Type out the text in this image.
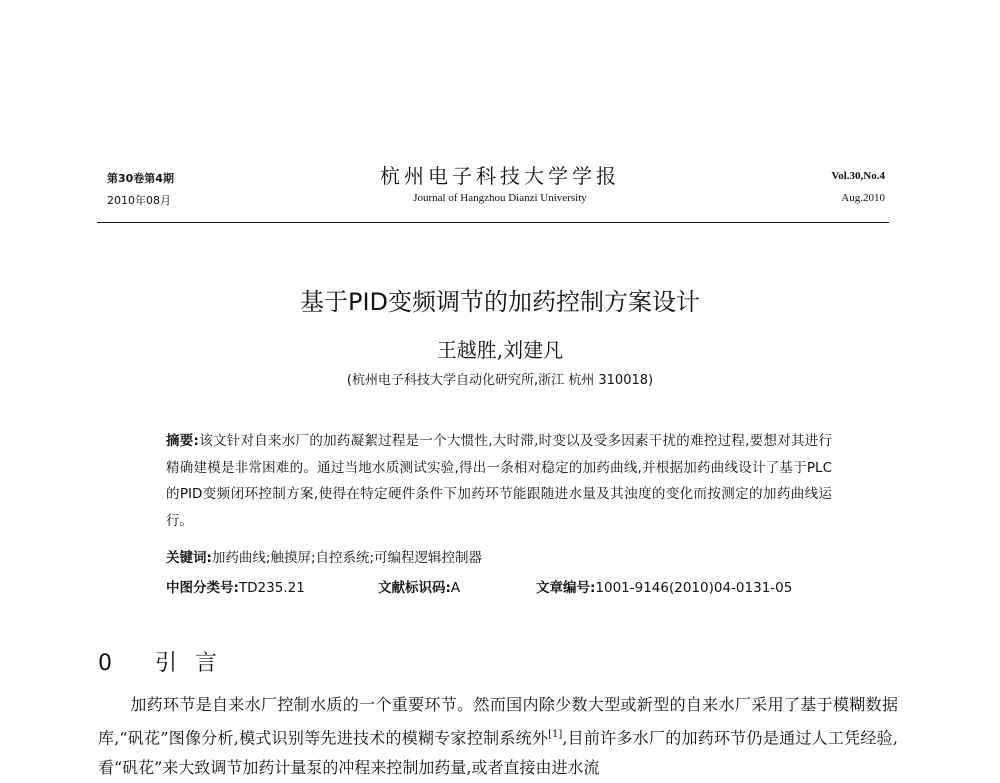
第30卷第4期
2010年08月
杭州电子科技大学学报
Journal of Hangzhou Dianzi University
Vol.30,No.4
Aug.2010
基于PID变频调节的加药控制方案设计
王越胜,刘建凡
(杭州电子科技大学自动化研究所,浙江 杭州 310018)
摘要:该文针对自来水厂的加药凝絮过程是一个大惯性,大时滞,时变以及受多因素干扰的难控过程,要想对其进行精确建模是非常困难的。通过当地水质测试实验,得出一条相对稳定的加药曲线,并根据加药曲线设计了基于PLC的PID变频闭环控制方案,使得在特定硬件条件下加药环节能跟随进水量及其浊度的变化而按测定的加药曲线运行。
关键词:加药曲线;触摸屏;自控系统;可编程逻辑控制器
中图分类号:TD235.21	文献标识码:A	文章编号:1001-9146(2010)04-0131-05
0 引言
加药环节是自来水厂控制水质的一个重要环节。然而国内除少数大型或新型的自来水厂采用了基于模糊数据库,“矾花”图像分析,模式识别等先进技术的模糊专家控制系统外[1],目前许多水厂的加药环节仍是通过人工凭经验,看“矾花”来大致调节加药计量泵的冲程来控制加药量,或者直接由进水流
